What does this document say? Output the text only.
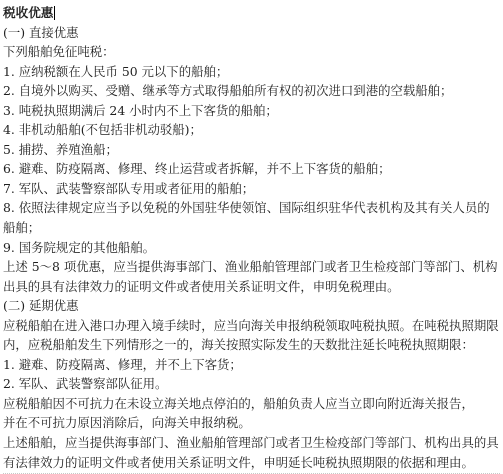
税收优惠
(一) 直接优惠
下列船舶免征吨税：
1. 应纳税额在人民币 50 元以下的船舶；
2. 自境外以购买、受赠、继承等方式取得船舶所有权的初次进口到港的空载船舶；
3. 吨税执照期满后 24 小时内不上下客货的船舶；
4. 非机动船舶(不包括非机动驳船)；
5. 捕捞、养殖渔船；
6. 避难、防疫隔离、修理、终止运营或者拆解，并不上下客货的船舶；
7. 军队、武装警察部队专用或者征用的船舶；
8. 依照法律规定应当予以免税的外国驻华使领馆、国际组织驻华代表机构及其有关人员的
船舶；
9. 国务院规定的其他船舶。
上述 5～8 项优惠，应当提供海事部门、渔业船舶管理部门或者卫生检疫部门等部门、机构
出具的具有法律效力的证明文件或者使用关系证明文件，申明免税理由。
(二) 延期优惠
应税船舶在进入港口办理入境手续时，应当向海关申报纳税领取吨税执照。在吨税执照期限
内，应税船舶发生下列情形之一的，海关按照实际发生的天数批注延长吨税执照期限：
1. 避难、防疫隔离、修理，并不上下客货；
2. 军队、武装警察部队征用。
应税船舶因不可抗力在未设立海关地点停泊的，船舶负责人应当立即向附近海关报告，
并在不可抗力原因消除后，向海关申报纳税。
上述船舶，应当提供海事部门、渔业船舶管理部门或者卫生检疫部门等部门、机构出具的具
有法律效力的证明文件或者使用关系证明文件，申明延长吨税执照期限的依据和理由。
